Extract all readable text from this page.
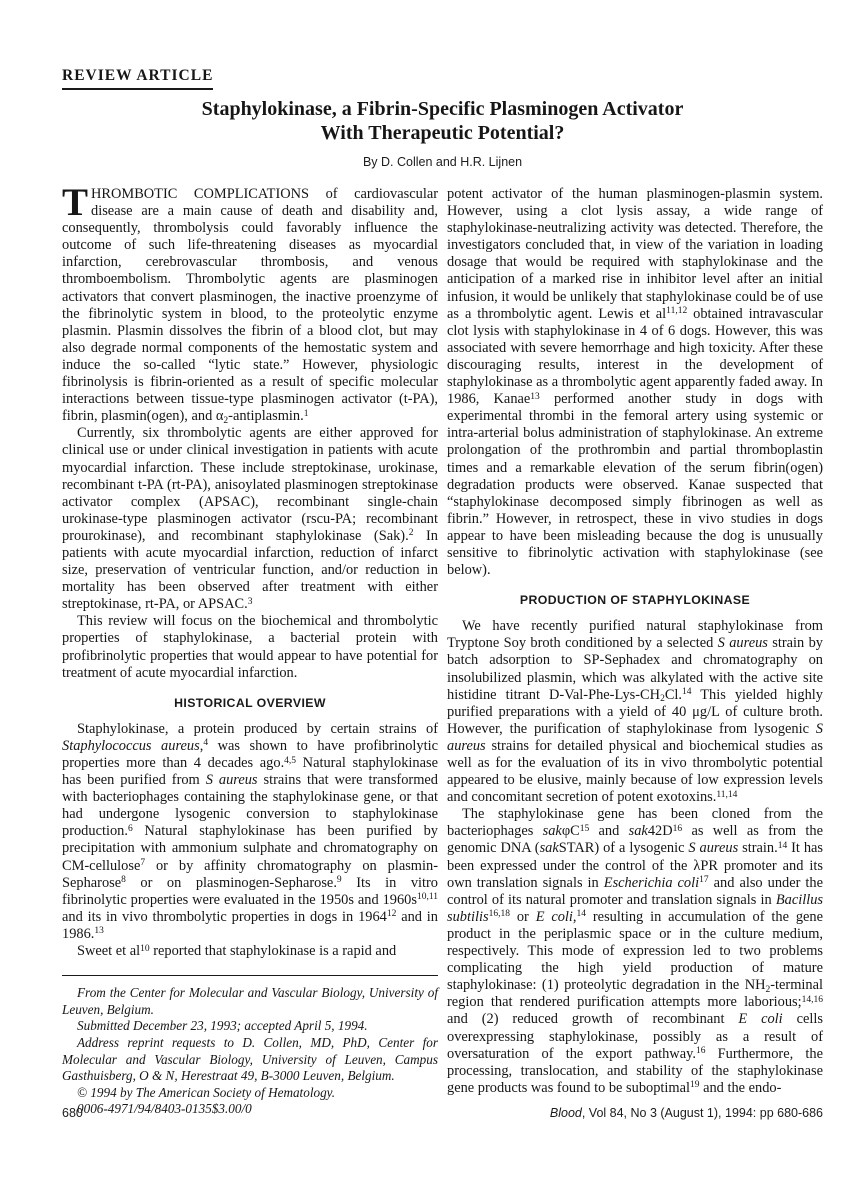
REVIEW ARTICLE
Staphylokinase, a Fibrin-Specific Plasminogen Activator
With Therapeutic Potential?
By D. Collen and H.R. Lijnen

THROMBOTIC COMPLICATIONS of cardiovascular disease are a main cause of death and disability and, consequently, thrombolysis could favorably influence the outcome of such life-threatening diseases as myocardial infarction, cerebrovascular thrombosis, and venous thromboembolism. Thrombolytic agents are plasminogen activators that convert plasminogen, the inactive proenzyme of the fibrinolytic system in blood, to the proteolytic enzyme plasmin. Plasmin dissolves the fibrin of a blood clot, but may also degrade normal components of the hemostatic system and induce the so-called “lytic state.” However, physiologic fibrinolysis is fibrin-oriented as a result of specific molecular interactions between tissue-type plasminogen activator (t-PA), fibrin, plasmin(ogen), and $\alpha_2-antiplasmin.^1$

Currently, six thrombolytic agents are either approved for clinical use or under clinical investigation in patients with acute myocardial infarction. These include streptokinase, urokinase, recombinant t-PA (rt-PA), anisoylated plasminogen streptokinase activator complex (APSAC), recombinant single-chain urokinase-type plasminogen activator (rscu-PA; recombinant prourokinase), and recombinant staphylokinase (Sak).$^2$ In patients with acute myocardial infarction, reduction of infarct size, preservation of ventricular function, and/or reduction in mortality has been observed after treatment with either streptokinase, rt-PA, or APSAC.$^3$

This review will focus on the biochemical and thrombolytic properties of staphylokinase, a bacterial protein with profibrinolytic properties that would appear to have potential for treatment of acute myocardial infarction.

HISTORICAL OVERVIEW

Staphylokinase, a protein produced by certain strains of Staphylococcus aureus,$^4$ was shown to have profibrinolytic properties more than 4 decades ago.$^{4,5}$ Natural staphylokinase has been purified from S aureus strains that were transformed with bacteriophages containing the staphylokinase gene, or that had undergone lysogenic conversion to staphylokinase production.$^6$ Natural staphylokinase has been purified by precipitation with ammonium sulphate and chromatography on CM-cellulose$^7$ or by affinity chromatography on plasmin-Sepharose$^8$ or on plasminogen-Sepharose.$^9$ Its in vitro fibrinolytic properties were evaluated in the 1950s and $1960s^{10,11}$ and its in vivo thrombolytic properties in dogs in 1964$^{12}$ and in 1986.13

Sweet et $al^{10}$ reported that staphylokinase is a rapid and

From the Center for Molecular and Vascular Biology, University of Leuven, Belgium.

Submitted December 23, 1993; accepted April 5, 1994.

Address reprint requests to D. Collen, MD, PhD, Center for Molecular and Vascular Biology, University of Leuven, Campus Gasthuisberg, O & N, Herestraat 49, B-3000 Leuven, Belgium.

© 1994 by The American Society of Hematology.

0006-4971/94/8403-0135$3.00/0

potent activator of the human plasminogen-plasmin system. However, using a clot lysis assay, a wide range of staphylokinase-neutralizing activity was detected. Therefore, the investigators concluded that, in view of the variation in loading dosage that would be required with staphylokinase and the anticipation of a marked rise in inhibitor level after an initial infusion, it would be unlikely that staphylokinase could be of use as a thrombolytic agent. Lewis et al$^{11,12}$ obtained intravascular clot lysis with staphylokinase in 4 of 6 dogs. However, this was associated with severe hemorrhage and high toxicity. After these discouraging results, interest in the development of staphylokinase as a thrombolytic agent apparently faded away. In 1986, Kanae$^{13}$ performed another study in dogs with experimental thrombi in the femoral artery using systemic or intra-arterial bolus administration of staphylokinase. An extreme prolongation of the prothrombin and partial thromboplastin times and a remarkable elevation of the serum fibrin(ogen) degradation products were observed. Kanae suspected that “staphylokinase decomposed simply fibrinogen as well as fibrin.” However, in retrospect, these in vivo studies in dogs appear to have been misleading because the dog is unusually sensitive to fibrinolytic activation with staphylokinase (see below).

PRODUCTION OF STAPHYLOKINASE

We have recently purified natural staphylokinase from Tryptone Soy broth conditioned by a selected S aureus strain by batch adsorption to SP-Sephadex and chromatography on insolubilized plasmin, which was alkylated with the active site histidine titrant $D-Val-Phe-Lys-CH_2Cl.^{14}$ This yielded highly purified preparations with a yield of 40 μg/L of culture broth. However, the purification of staphylokinase from lysogenic S aureus strains for detailed physical and biochemical studies as well as for the evaluation of its in vivo thrombolytic potential appeared to be elusive, mainly because of low expression levels and concomitant secretion of potent exotoxins.$^{11,14}$

The staphylokinase gene has been cloned from the bacteriophages sakφC$^{15}$ and $sak42D^{16}$ as well as from the genomic DNA (sakSTAR) of a lysogenic S aureus strain.$^{14}$ It has been expressed under the control of the λPR promoter and its own translation signals in Escherichia coli$^{17}$ and also under the control of its natural promoter and translation signals in Bacillus subtilis$^{16,18}$ or E coli,$^{14}$ resulting in accumulation of the gene product in the periplasmic space or in the culture medium, respectively. This mode of expression led to two problems complicating the high yield production of mature staphylokinase: (1) proteolytic degradation in the $NH_2$-terminal region that rendered purification attempts more laborious;$^{14,16}$ and (2) reduced growth of recombinant E coli cells overexpressing staphylokinase, possibly as a result of oversaturation of the export pathway.$^{16}$ Furthermore, the processing, translocation, and stability of the staphylokinase gene products was found to be suboptimal$^{19}$ and the endo-

680	Blood, Vol 84, No 3 (August 1), 1994: pp 680-686
